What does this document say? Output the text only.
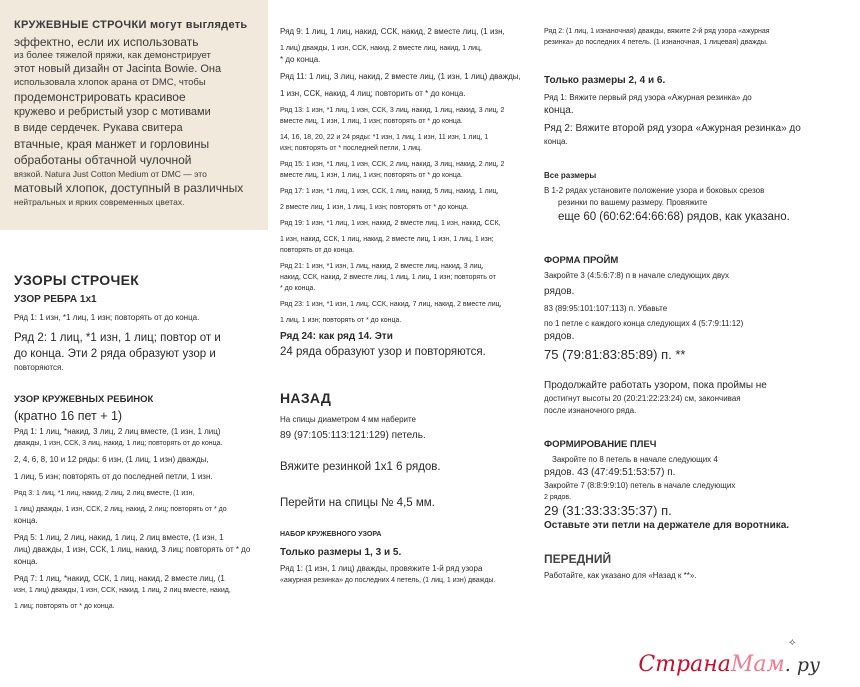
КРУЖЕВНЫЕ СТРОЧКИ могут выглядеть

эффектно, если их использовать

из более тяжелой пряжи, как демонстрирует

этот новый дизайн от Jacinta Bowie. Она

использовала хлопок арана от DMC, чтобы

продемонстрировать красивое

кружево и ребристый узор с мотивами

в виде сердечек. Рукава свитера

втачные, края манжет и горловины

обработаны обтачной чулочной

вязкой. Natura Just Cotton Medium от DMC — это

матовый хлопок, доступный в различных

нейтральных и ярких современных цветах.

УЗОРЫ СТРОЧЕК

УЗОР РЕБРА 1x1

Ряд 1: 1 изн, *1 лиц, 1 изн; повторять от до конца.

Ряд 2: 1 лиц, *1 изн, 1 лиц; повтор от и

до конца. Эти 2 ряда образуют узор и

повторяются.

УЗОР КРУЖЕВНЫХ РЕБИНОК

(кратно 16 пет + 1)

Ряд 1: 1 лиц, *накид, 3 лиц, 2 лиц вместе, (1 изн, 1 лиц)

дважды, 1 изн, ССК, 3 лиц, накид, 1 лиц; повторять от до конца.

2, 4, 6, 8, 10 и 12 ряды: 6 изн, (1 лиц, 1 изн) дважды,

1 лиц, 5 изн; повторять от до последней петли, 1 изн.

Ряд 3: 1 лиц, *1 лиц, накид, 2 лиц, 2 лиц вместе, (1 изн,

1 лиц) дважды, 1 изн, ССК, 2 лиц, накид, 2 лиц; повторять от * до

конца.

Ряд 5: 1 лиц, 2 лиц, накид, 1 лиц, 2 лиц вместе, (1 изн, 1

лиц) дважды, 1 изн, ССК, 1 лиц, накид, 3 лиц; повторять от * до

конца.

Ряд 7: 1 лиц, *накид, ССК, 1 лиц, накид, 2 вместе лиц, (1

изн, 1 лиц) дважды, 1 изн, ССК, накид, 1 лиц, 2 лиц вместе, накид,

1 лиц; повторять от * до конца.

Ряд 9: 1 лиц, 1 лиц, накид, ССК, накид, 2 вместе лиц, (1 изн,

1 лиц) дважды, 1 изн, ССК, накид, 2 вместе лиц, накид, 1 лиц,

* до конца.

Ряд 11: 1 лиц, 3 лиц, накид, 2 вместе лиц, (1 изн, 1 лиц) дважды,

1 изн, ССК, накид, 4 лиц; повторить от * до конца.

Ряд 13: 1 изн, *1 лиц, 1 изн, ССК, 3 лиц, накид, 1 лиц, накид, 3 лиц, 2

вместе лиц, 1 изн, 1 лиц, 1 изн; повторять от * до конца.

14, 16, 18, 20, 22 и 24 ряды: *1 изн, 1 лиц, 1 изн, 11 изн, 1 лиц, 1

изн; повторять от * последней петли, 1 лиц.

Ряд 15: 1 изн, *1 лиц, 1 изн, ССК, 2 лиц, накид, 3 лиц, накид, 2 лиц, 2

вместе лиц, 1 изн, 1 лиц, 1 изн; повторять от * до конца.

Ряд 17: 1 изн, *1 лиц, 1 изн, ССК, 1 лиц, накид, 5 лиц, накид, 1 лиц,

2 вместе лиц, 1 изн, 1 лиц, 1 изн; повторять от * до конца.

Ряд 19: 1 изн, *1 лиц, 1 изн, накид, 2 вместе лиц, 1 изн, накид, ССК,

1 изн, накид, ССК, 1 лиц, накид, 2 вместе лиц, 1 изн, 1 лиц, 1 изн;

повторять от до конца.

Ряд 21: 1 изн, *1 изн, 1 лиц, накид, 2 вместе лиц, накид, 3 лиц,

накид, ССК, накид, 2 вместе лиц, 1 лиц, 1 лиц, 1 изн; повторять от

* до конца.

Ряд 23: 1 изн, *1 изн, 1 лиц, ССК, накид, 7 лиц, накид, 2 вместе лиц,

1 лиц, 1 изн; повторять от * до конца.

Ряд 24: как ряд 14. Эти

24 ряда образуют узор и повторяются.

НАЗАД

На спицы диаметром 4 мм наберите

89 (97:105:113:121:129) петель.

Вяжите резинкой 1x1 6 рядов.

Перейти на спицы № 4,5 мм.

НАБОР КРУЖЕВНОГО УЗОРА

Только размеры 1, 3 и 5.

Ряд 1: (1 изн, 1 лиц) дважды, провяжите 1-й ряд узора

«ажурная резинка» до последних 4 петель, (1 лиц, 1 изн) дважды.

Ряд 2: (1 лиц, 1 изнаночная) дважды, вяжите 2-й ряд узора «ажурная

резинка» до последних 4 петель. (1 изнаночная, 1 лицевая) дважды.

Только размеры 2, 4 и 6.

Ряд 1: Вяжите первый ряд узора «Ажурная резинка» до

конца.

Ряд 2: Вяжите второй ряд узора «Ажурная резинка» до

конца.

Все размеры

В 1-2 рядах установите положение узора и боковых срезов

резинки по вашему размеру. Провяжите

еще 60 (60:62:64:66:68) рядов, как указано.

ФОРМА ПРОЙМ

Закройте 3 (4:5:6:7:8) п в начале следующих двух

рядов.

83 (89:95:101:107:113) п. Убавьте

по 1 петле с каждого конца следующих 4 (5:7:9:11:12)

рядов.

75 (79:81:83:85:89) п. **

Продолжайте работать узором, пока проймы не

достигнут высоты 20 (20:21:22:23:24) см, закончивая

после изнаночного ряда.

ФОРМИРОВАНИЕ ПЛЕЧ

Закройте по 8 петель в начале следующих 4

рядов. 43 (47:49:51:53:57) п.

Закройте 7 (8:8:9:9:10) петель в начале следующих

2 рядов.

29 (31:33:33:35:37) п.

Оставьте эти петли на держателе для воротника.

ПЕРЕДНИЙ

Работайте, как указано для «Назад к **».

⟡
СтранаМам. ру
